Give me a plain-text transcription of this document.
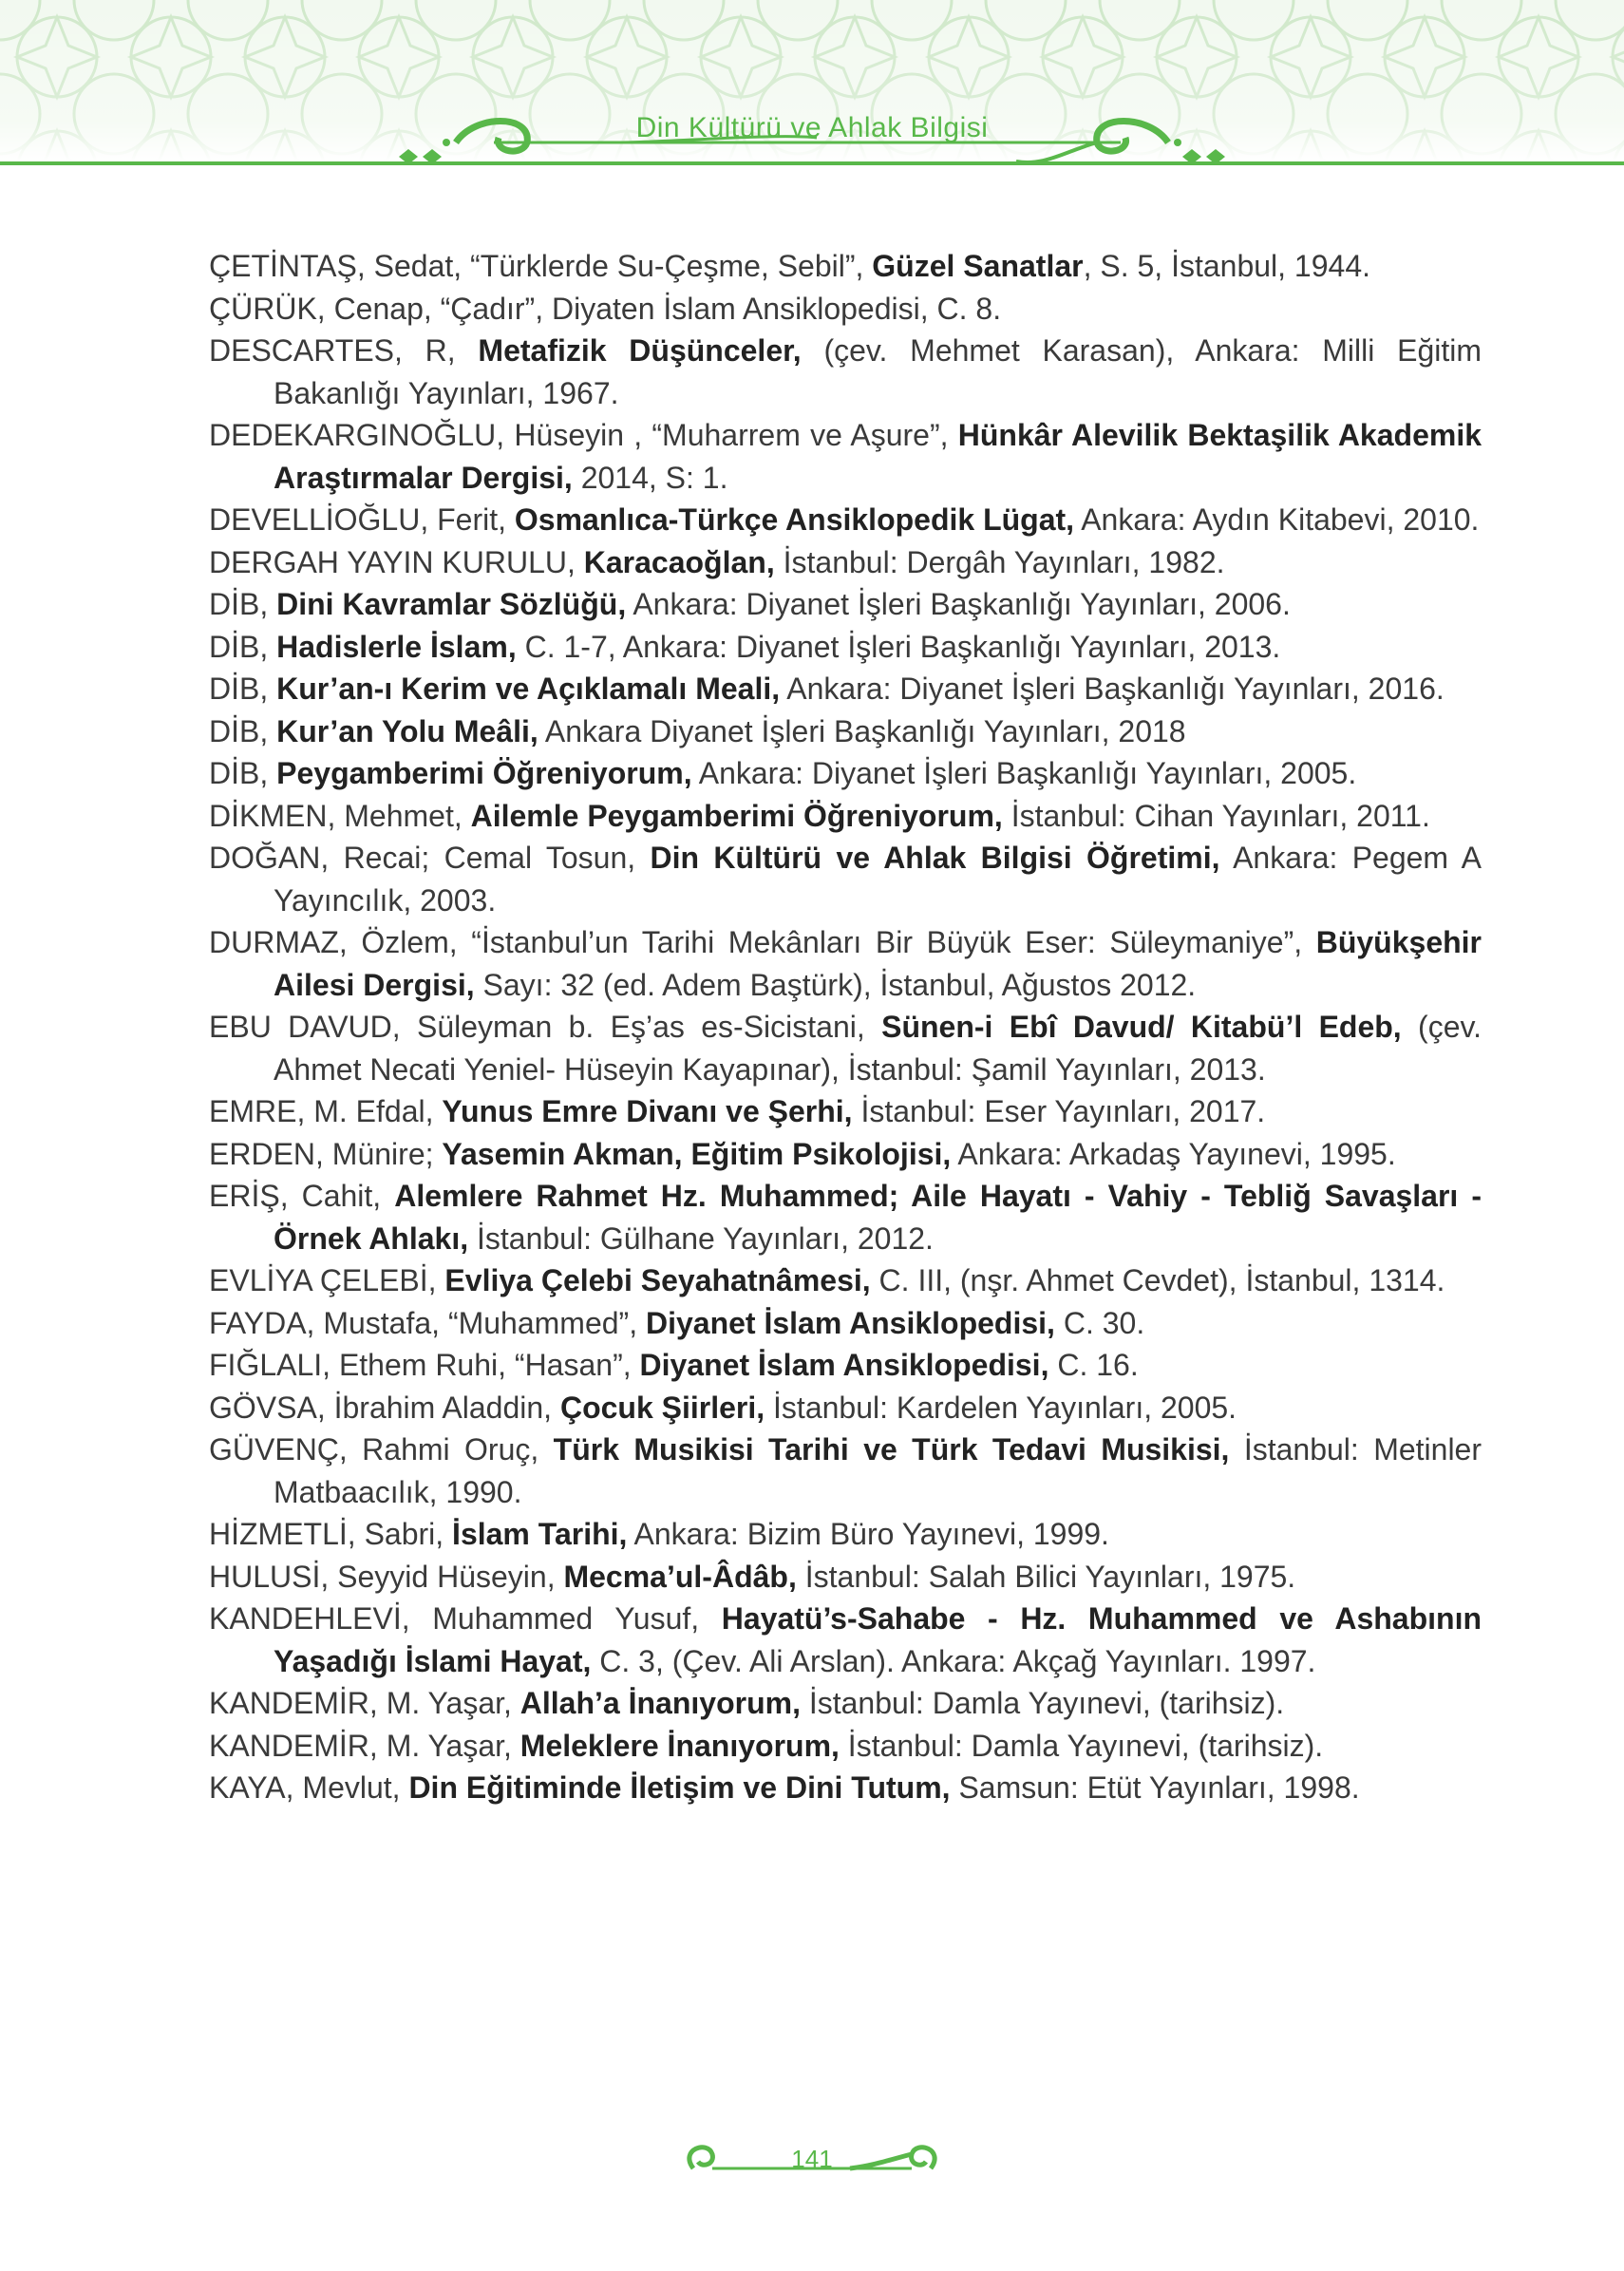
Din Kültürü ve Ahlak Bilgisi

ÇETİNTAŞ, Sedat, “Türklerde Su-Çeşme, Sebil”, Güzel Sanatlar, S. 5, İstanbul, 1944.

ÇÜRÜK, Cenap, “Çadır”, Diyaten İslam Ansiklopedisi, C. 8.

DESCARTES, R, Metafizik Düşünceler, (çev. Mehmet Karasan), Ankara: Milli Eğitim Bakanlığı Yayınları, 1967.

DEDEKARGINOĞLU, Hüseyin , “Muharrem ve Aşure”, Hünkâr Alevilik Bektaşilik Akademik Araştırmalar Dergisi, 2014, S: 1.

DEVELLİOĞLU, Ferit, Osmanlıca-Türkçe Ansiklopedik Lügat, Ankara: Aydın Kitabevi, 2010.

DERGAH YAYIN KURULU, Karacaoğlan, İstanbul: Dergâh Yayınları, 1982.

DİB, Dini Kavramlar Sözlüğü, Ankara: Diyanet İşleri Başkanlığı Yayınları, 2006.

DİB, Hadislerle İslam, C. 1-7, Ankara: Diyanet İşleri Başkanlığı Yayınları, 2013.

DİB, Kur’an-ı Kerim ve Açıklamalı Meali, Ankara: Diyanet İşleri Başkanlığı Yayınları, 2016.

DİB, Kur’an Yolu Meâli, Ankara Diyanet İşleri Başkanlığı Yayınları, 2018

DİB, Peygamberimi Öğreniyorum, Ankara: Diyanet İşleri Başkanlığı Yayınları, 2005.

DİKMEN, Mehmet, Ailemle Peygamberimi Öğreniyorum, İstanbul: Cihan Yayınları, 2011.

DOĞAN, Recai; Cemal Tosun, Din Kültürü ve Ahlak Bilgisi Öğretimi, Ankara: Pegem A Yayıncılık, 2003.

DURMAZ, Özlem, “İstanbul’un Tarihi Mekânları Bir Büyük Eser: Süleymaniye”, Büyükşehir Ailesi Dergisi, Sayı: 32 (ed. Adem Baştürk), İstanbul, Ağustos 2012.

EBU DAVUD, Süleyman b. Eş’as es-Sicistani, Sünen-i Ebî Davud/ Kitabü’l Edeb, (çev. Ahmet Necati Yeniel- Hüseyin Kayapınar), İstanbul: Şamil Yayınları, 2013.

EMRE, M. Efdal, Yunus Emre Divanı ve Şerhi, İstanbul: Eser Yayınları, 2017.

ERDEN, Münire; Yasemin Akman, Eğitim Psikolojisi, Ankara: Arkadaş Yayınevi, 1995.

ERİŞ, Cahit, Alemlere Rahmet Hz. Muhammed; Aile Hayatı - Vahiy - Tebliğ Savaşları - Örnek Ahlakı, İstanbul: Gülhane Yayınları, 2012.

EVLİYA ÇELEBİ, Evliya Çelebi Seyahatnâmesi, C. III, (nşr. Ahmet Cevdet), İstanbul, 1314.

FAYDA, Mustafa, “Muhammed”, Diyanet İslam Ansiklopedisi, C. 30.

FIĞLALI, Ethem Ruhi, “Hasan”, Diyanet İslam Ansiklopedisi, C. 16.

GÖVSA, İbrahim Aladdin, Çocuk Şiirleri, İstanbul: Kardelen Yayınları, 2005.

GÜVENÇ, Rahmi Oruç, Türk Musikisi Tarihi ve Türk Tedavi Musikisi, İstanbul: Metinler Matbaacılık, 1990.

HİZMETLİ, Sabri, İslam Tarihi, Ankara: Bizim Büro Yayınevi, 1999.

HULUSİ, Seyyid Hüseyin, Mecma’ul-Âdâb, İstanbul: Salah Bilici Yayınları, 1975.

KANDEHLEVİ, Muhammed Yusuf, Hayatü’s-Sahabe - Hz. Muhammed ve Ashabının Yaşadığı İslami Hayat, C. 3, (Çev. Ali Arslan). Ankara: Akçağ Yayınları. 1997.

KANDEMİR, M. Yaşar, Allah’a İnanıyorum, İstanbul: Damla Yayınevi, (tarihsiz).

KANDEMİR, M. Yaşar, Meleklere İnanıyorum, İstanbul: Damla Yayınevi, (tarihsiz).

KAYA, Mevlut, Din Eğitiminde İletişim ve Dini Tutum, Samsun: Etüt Yayınları, 1998.

141
